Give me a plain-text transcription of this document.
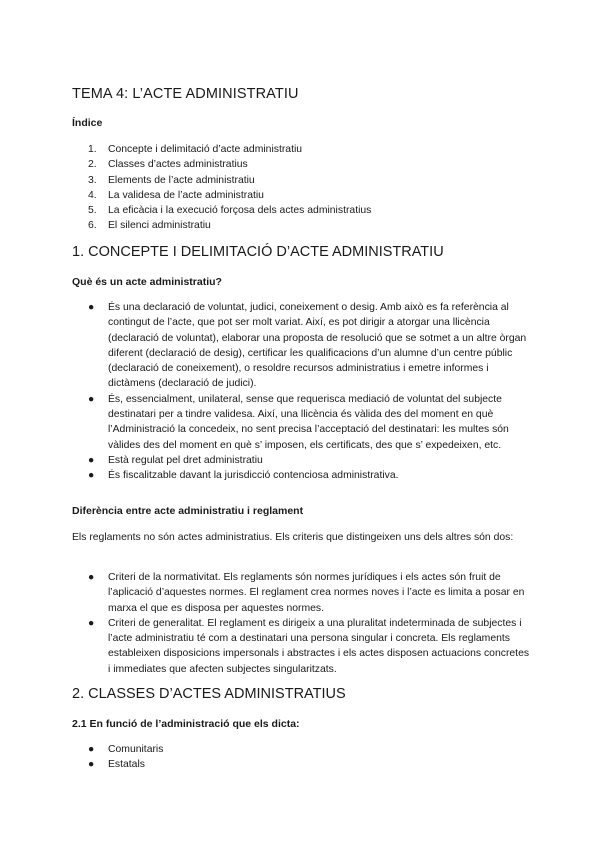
TEMA 4: L’ACTE ADMINISTRATIU
Índice
1. Concepte i delimitació d’acte administratiu
2. Classes d’actes administratius
3. Elements de l’acte administratiu
4. La validesa de l’acte administratiu
5. La eficàcia i la execució forçosa dels actes administratius
6. El silenci administratiu
1. CONCEPTE I DELIMITACIÓ D’ACTE ADMINISTRATIU
Què és un acte administratiu?
● És una declaració de voluntat, judici, coneixement o desig. Amb això es fa referència al contingut de l’acte, que pot ser molt variat. Així, es pot dirigir a atorgar una llicència (declaració de voluntat), elaborar una proposta de resolució que se sotmet a un altre òrgan diferent (declaració de desig), certificar les qualificacions d’un alumne d’un centre públic (declaració de coneixement), o resoldre recursos administratius i emetre informes i dictàmens (declaració de judici).
● És, essencialment, unilateral, sense que requerisca mediació de voluntat del subjecte destinatari per a tindre validesa. Així, una llicència és vàlida des del moment en què l’Administració la concedeix, no sent precisa l’acceptació del destinatari: les multes són vàlides des del moment en què s’ imposen, els certificats, des que s’ expedeixen, etc.
● Està regulat pel dret administratiu
● És fiscalitzable davant la jurisdicció contenciosa administrativa.
Diferència entre acte administratiu i reglament

Els reglaments no són actes administratius. Els criteris que distingeixen uns dels altres són dos:

● Criteri de la normativitat. Els reglaments són normes jurídiques i els actes són fruit de l’aplicació d’aquestes normes. El reglament crea normes noves i l’acte es limita a posar en marxa el que es disposa per aquestes normes.
● Criteri de generalitat. El reglament es dirigeix a una pluralitat indeterminada de subjectes i l’acte administratiu té com a destinatari una persona singular i concreta. Els reglaments estableixen disposicions impersonals i abstractes i els actes disposen actuacions concretes i immediates que afecten subjectes singularitzats.
2. CLASSES D’ACTES ADMINISTRATIUS
2.1 En funció de l’administració que els dicta:
● Comunitaris
● Estatals
